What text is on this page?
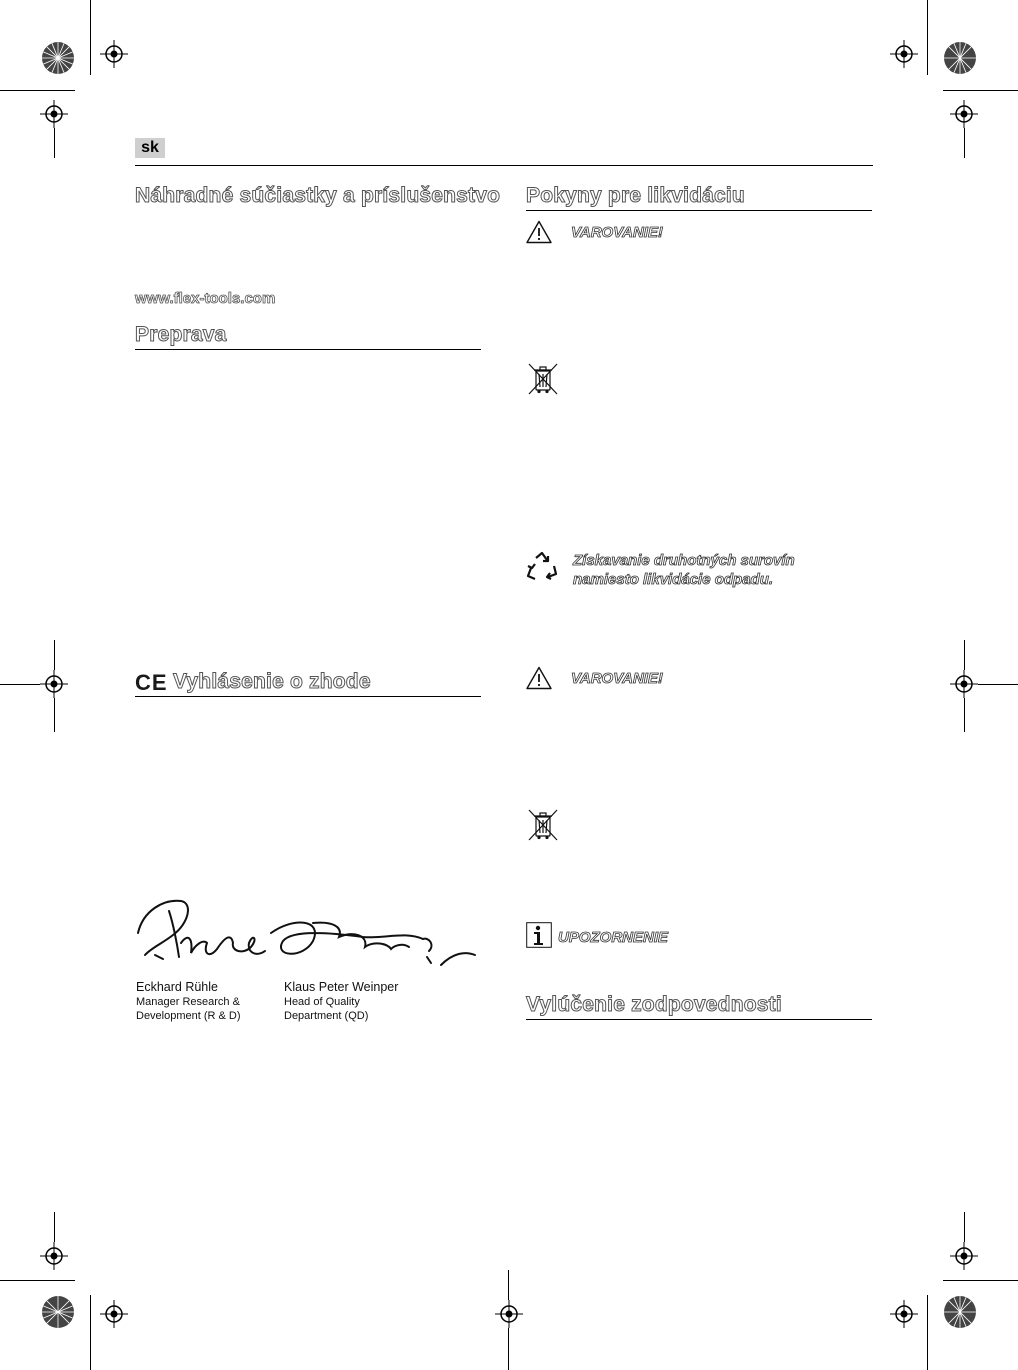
sk
Náhradné súčiastky a príslušenstvo
www.flex-tools.com
Preprava
CE Vyhlásenie o zhode
Eckhard Rühle
Manager Research &
Development (R & D)
Klaus Peter Weinper
Head of Quality
Department (QD)
Pokyny pre likvidáciu
VAROVANIE!
Získavanie druhotných surovín
namiesto likvidácie odpadu.
VAROVANIE!
UPOZORNENIE
Vylúčenie zodpovednosti
